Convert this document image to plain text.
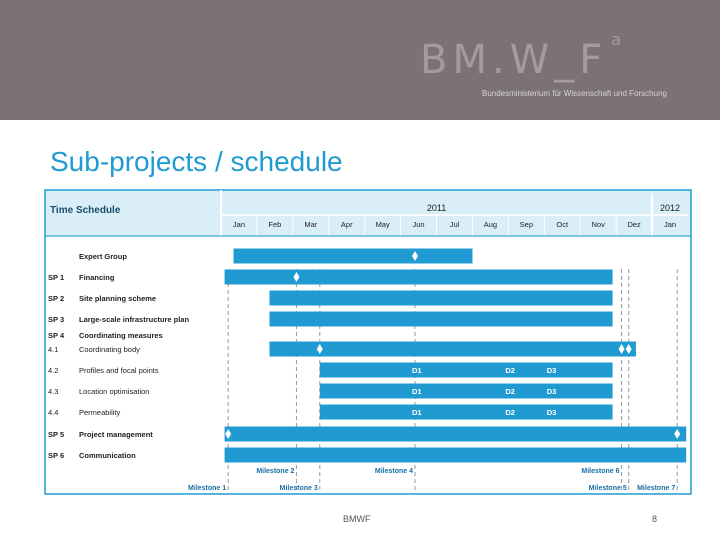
BM.W_F $^a$
Bundesministerium für Wissenschaft und Forschung
Sub-projects / schedule
Time Schedule	2011	2012
Jan	Feb	Mar	Apr	May	Jun	Jul	Aug	Sep	Oct	Nov	Dez	Jan
Expert Group
SP 1 Financing
SP 2 Site planning scheme
SP 3 Large-scale infrastructure plan
SP 4 Coordinating measures
4.1	Coordinating body
4.2	Profiles and focal points	D1	D2	D3
4.3	Location optimisation	D1	D2	D3
4.4	Permeability	D1	D2	D3
SP 5 Project management
SP 6 Communication
Milestone 2	Milestone 4	Milestone 6
Milestone 1	Milestone 3	Milestone 5 Milestone 7
BMWF	8
